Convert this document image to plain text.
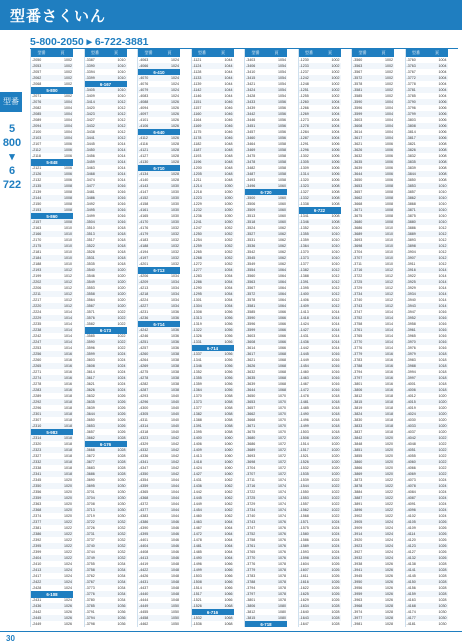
型番さくいん
5-800-2050 ▸ 6-722-3881
型番
5
800
▾
6
722
型番	頁
-2050	1002
-2053	1002
-2057	1002
-2062	1002
-2068	1002
5-800
-2071	1002
-2076	1004
-2082	1004
-2085	1004
-2089	1004
-2094	1004
-2100	1004
-2103	1004
-2107	1006
-2112	1006
-2118	1006
5-848
-2121	1006
-2126	1006
-2132	1006
-2135	1008
-2139	1008
-2144	1008
-2150	1008
-2153	1008
5-860
-2157	1008
-2163	1010
-2166	1010
-2170	1010
-2175	1010
-2181	1010
-2184	1010
-2188	1010
-2193	1012
-2199	1012
-2202	1012
-2206	1012
-2211	1012
-2217	1012
-2220	1012
-2224	1014
-2229	1014
-2235	1014
-2238	1014
-2242	1014
-2247	1014
-2253	1014
-2256	1016
-2260	1016
-2265	1016
-2271	1016
-2274	1016
-2278	1016
-2283	1016
-2289	1018
-2292	1018
-2296	1018
-2301	1018
-2307	1018
-2310	1018
5-983
-2314	1018
-2320	1018
-2323	1018
-2327	1018
-2332	1018
-2338	1018
-2341	1018
-2345	1020
-2350	1020
-2356	1020
-2359	1020
-2363	1020
-2368	1020
-2374	1020
-2377	1022
-2381	1022
-2386	1022
-2392	1022
-2395	1022
-2399	1022
-2404	1022
-2410	1024
-2413	1024
-2417	1024
-2422	1024
-2428	1024
6-108
-2431	1024
-2436	1026
-2442	1026
-2445	1026
-2449	1026
型番	頁
-3387	1010
-3390	1010
-3394	1010
-3399	1010
6-167
-3405	1010
-3409	1010
-3414	1012
-3420	1012
-3423	1012
-3427	1012
-3432	1012
-3438	1012
-3441	1012
-3445	1014
-3450	1014
-3456	1014
-3459	1014
-3463	1014
-3468	1014
-3474	1014
-3477	1016
-3481	1016
-3486	1016
-3492	1016
-3495	1016
-3499	1016
-3504	1016
-3510	1018
-3513	1018
-3517	1018
-3522	1018
-3528	1018
-3531	1018
-3535	1018
-3540	1020
-3546	1020
-3549	1020
-3553	1020
-3558	1020
-3564	1020
-3567	1020
-3571	1022
-3576	1022
-3582	1022
6-173
-3585	1022
-3590	1022
-3596	1022
-3599	1024
-3603	1024
-3608	1024
-3614	1024
-3617	1024
-3621	1024
-3626	1024
-3632	1026
-3635	1026
-3639	1026
-3644	1026
-3650	1026
-3653	1026
-3657	1026
-3662	1028
6-176
-3668	1028
-3672	1028
-3677	1028
-3683	1028
-3686	1028
-3690	1030
-3695	1030
-3701	1030
-3704	1030
-3708	1030
-3713	1030
-3719	1030
-3722	1032
-3726	1032
-3731	1032
-3737	1032
-3740	1032
-3744	1032
-3749	1032
-3755	1034
-3758	1034
-3762	1034
-3767	1034
-3773	1034
-3776	1034
-3780	1034
-3785	1036
-3791	1036
-3794	1036
-3798	1036
型番	頁
-4063	1024
-4066	1024
6-410
-4070	1024
-4076	1024
-4079	1024
-4083	1024
-4088	1026
-4094	1026
-4097	1026
-4101	1026
-4106	1026
6-640
-4112	1026
-4116	1028
-4121	1028
-4127	1028
-4130	1028
6-710
-4134	1028
-4140	1028
-4143	1030
-4147	1030
-4152	1030
-4158	1030
-4161	1030
-4165	1030
-4170	1030
-4176	1032
-4179	1032
-4183	1032
-4188	1032
-4194	1032
-4197	1032
-4201	1032
6-713
-4206	1034
-4209	1034
-4213	1034
-4218	1034
-4224	1034
-4227	1034
-4231	1036
-4236	1036
6-714
-4242	1036
-4246	1036
-4251	1036
-4257	1036
-4260	1038
-4264	1038
-4269	1038
-4275	1038
-4278	1038
-4282	1038
-4287	1038
-4293	1040
-4296	1040
-4300	1040
-4305	1040
-4311	1040
-4314	1040
-4318	1040
-4323	1042
-4329	1042
-4332	1042
-4336	1042
-4341	1042
-4347	1042
-4350	1042
-4354	1044
-4359	1044
-4365	1044
-4368	1044
-4372	1044
-4377	1044
-4383	1044
-4386	1046
-4390	1046
-4395	1046
-4401	1046
-4404	1046
-4408	1046
-4413	1046
-4419	1048
-4422	1048
-4426	1048
-4431	1048
-4437	1048
-4440	1048
-4444	1048
-4449	1050
-4455	1050
-4458	1050
-4462	1050
型番	頁
-1121	1044
-1124	1044
-1128	1044
-1133	1044
-1139	1044
-1142	1044
-1146	1044
-1151	1046
-1157	1046
-1160	1046
-1164	1046
-1169	1046
-1175	1046
-1178	1046
-1182	1048
-1187	1048
-1193	1048
-1196	1048
-1200	1048
-1205	1048
-1211	1048
-1214	1050
-1218	1050
-1223	1050
-1229	1050
-1232	1050
-1236	1050
-1241	1050
-1247	1052
-1250	1052
-1254	1052
-1259	1052
-1265	1052
-1268	1052
-1272	1052
-1277	1054
-1283	1054
-1286	1054
-1290	1054
-1295	1054
-1301	1054
-1304	1054
-1308	1056
-1313	1056
-1319	1056
-1322	1056
-1326	1056
-1331	1056
6-714
-1337	1056
-1341	1056
-1346	1056
-1352	1056
-1355	1056
-1359	1056
-1364	1056
-1370	1058
-1373	1058
-1377	1058
-1382	1058
-1388	1058
-1391	1058
-1395	1058
-1400	1060
-1406	1060
-1409	1060
-1413	1060
-1418	1060
-1424	1060
-1427	1060
-1431	1062
-1436	1062
-1442	1062
-1445	1062
-1449	1062
-1454	1062
-1460	1062
-1463	1064
-1467	1064
-1472	1064
-1478	1064
-1481	1064
-1485	1064
-1490	1064
-1496	1066
-1499	1066
-1503	1066
-1508	1066
-1514	1066
-1517	1066
-1521	1066
-1526	1068
6-716
-1532	1068
-1536	1068
型番	頁
-3403	1054
-3406	1054
-3410	1054
-3415	1054
-3421	1054
-3424	1054
-3428	1054
-3433	1056
-3439	1056
-3442	1056
-3446	1056
-3451	1056
-3457	1056
-3460	1056
-3464	1058
-3469	1058
-3475	1058
-3478	1058
-3482	1058
-3487	1058
-3493	1058
-3496	1060
6-720
-3500	1060
-3506	1060
-3509	1060
-3513	1060
-3518	1060
-3524	1062
-3527	1062
-3531	1062
-3536	1062
-3542	1062
-3545	1062
-3549	1062
-3554	1064
-3560	1064
-3563	1064
-3567	1064
-3572	1064
-3578	1064
-3581	1064
-3585	1066
-3590	1066
-3596	1066
-3599	1066
-3603	1066
-3608	1066
-3614	1066
-3617	1068
-3621	1068
-3626	1068
-3632	1068
-3635	1068
-3639	1068
-3644	1068
-3650	1070
-3653	1070
-3657	1070
-3662	1070
-3668	1070
-3671	1070
-3675	1070
-3680	1072
-3686	1072
-3689	1072
-3693	1072
-3698	1072
-3704	1072
-3707	1072
-3711	1074
-3716	1074
-3722	1074
-3725	1074
-3729	1074
-3734	1074
-3740	1074
-3743	1076
-3747	1076
-3752	1076
-3758	1076
-3761	1076
-3765	1076
-3770	1076
-3776	1078
-3779	1078
-3783	1078
-3788	1078
-3794	1078
-3797	1078
-3801	1078
-3806	1080
-3812	1080
-3815	1080
6-718
型番	頁
-1230	1002
-1233	1002
-1237	1002
-1242	1002
-1248	1002
-1251	1002
-1255	1002
-1260	1004
-1266	1004
-1269	1004
-1273	1004
-1278	1004
-1284	1004
-1287	1004
-1291	1006
-1296	1006
-1302	1006
-1305	1006
-1309	1006
-1314	1006
-1320	1006
-1323	1008
-1327	1008
-1332	1008
-1338	1008
6-722
-1341	1008
-1346	1008
-1352	1010
-1355	1010
-1359	1010
-1364	1010
-1370	1010
-1373	1010
-1377	1010
-1382	1012
-1388	1012
-1391	1012
-1395	1012
-1400	1012
-1406	1012
-1409	1012
-1413	1014
-1418	1014
-1424	1014
-1427	1014
-1431	1014
-1436	1014
-1442	1014
-1445	1016
-1449	1016
-1454	1016
-1460	1016
-1463	1016
-1467	1016
-1472	1016
-1478	1018
-1481	1018
-1485	1018
-1490	1018
-1496	1018
-1499	1018
-1503	1018
-1508	1020
-1514	1020
-1517	1020
-1521	1020
-1526	1020
-1532	1020
-1535	1020
-1539	1022
-1544	1022
-1550	1022
-1553	1022
-1557	1022
-1562	1022
-1568	1022
-1571	1024
-1575	1024
-1580	1024
-1586	1024
-1589	1024
-1593	1024
-1598	1024
-1604	1026
-1607	1026
-1611	1026
-1616	1026
-1622	1026
-1625	1026
-1629	1026
-1634	1028
-1640	1028
-1643	1028
-1647	1028
型番	頁
-3560	1002
-3563	1002
-3567	1002
-3572	1002
-3578	1002
-3581	1002
-3585	1002
-3590	1004
-3596	1004
-3599	1004
-3603	1004
-3608	1004
-3614	1004
-3617	1004
-3621	1006
-3626	1006
-3632	1006
-3635	1006
-3639	1006
-3644	1006
-3650	1006
-3653	1008
-3657	1008
-3662	1008
-3668	1008
-3671	1008
-3675	1008
-3680	1008
-3686	1010
-3689	1010
-3693	1010
-3698	1010
-3704	1010
-3707	1010
-3711	1010
-3716	1012
-3722	1012
-3725	1012
-3729	1012
-3734	1012
-3740	1012
-3743	1012
-3747	1014
-3752	1014
-3758	1014
-3761	1014
-3765	1014
-3770	1014
-3776	1014
-3779	1016
-3783	1016
-3788	1016
-3794	1016
-3797	1016
-3801	1016
-3806	1016
-3812	1018
-3815	1018
-3819	1018
-3824	1018
-3830	1018
-3833	1018
-3837	1018
-3842	1020
-3848	1020
-3851	1020
-3855	1020
-3860	1020
-3866	1020
-3869	1020
-3873	1022
-3878	1022
-3884	1022
-3887	1022
-3891	1022
-3896	1022
-3902	1022
-3905	1024
-3909	1024
-3914	1024
-3920	1024
-3923	1024
-3927	1024
-3932	1024
-3938	1026
-3941	1026
-3945	1026
-3950	1026
-3956	1026
-3959	1026
-3963	1026
-3968	1028
-3974	1028
-3977	1028
-3981	1028
型番	頁
-3760	1004
-3763	1004
-3767	1004
-3772	1004
-3778	1004
-3781	1004
-3785	1004
-3790	1006
-3796	1006
-3799	1006
-3803	1006
-3808	1006
-3814	1006
-3817	1006
-3821	1008
-3826	1008
-3832	1008
-3835	1008
-3839	1008
-3844	1008
-3850	1008
-3853	1010
-3857	1010
-3862	1010
-3868	1010
-3871	1010
-3875	1010
-3880	1010
-3886	1012
-3889	1012
-3893	1012
-3898	1012
-3904	1012
-3907	1012
-3911	1012
-3916	1014
-3922	1014
-3925	1014
-3929	1014
-3934	1014
-3940	1014
-3943	1014
-3947	1016
-3952	1016
-3958	1016
-3961	1016
-3965	1016
-3970	1016
-3976	1016
-3979	1018
-3983	1018
-3988	1018
-3994	1018
-3997	1018
-4001	1018
-4006	1018
-4012	1020
-4015	1020
-4019	1020
-4024	1020
-4030	1020
-4033	1020
-4037	1020
-4042	1022
-4048	1022
-4051	1022
-4055	1022
-4060	1022
-4066	1022
-4069	1022
-4073	1024
-4078	1024
-4084	1024
-4087	1024
-4091	1024
-4096	1024
-4102	1024
-4105	1026
-4109	1026
-4114	1026
-4120	1026
-4123	1026
-4127	1026
-4132	1026
-4138	1028
-4141	1028
-4145	1028
-4150	1028
-4156	1028
-4159	1028
-4163	1028
-4168	1030
-4174	1030
-4177	1030
-4181	1030
30
